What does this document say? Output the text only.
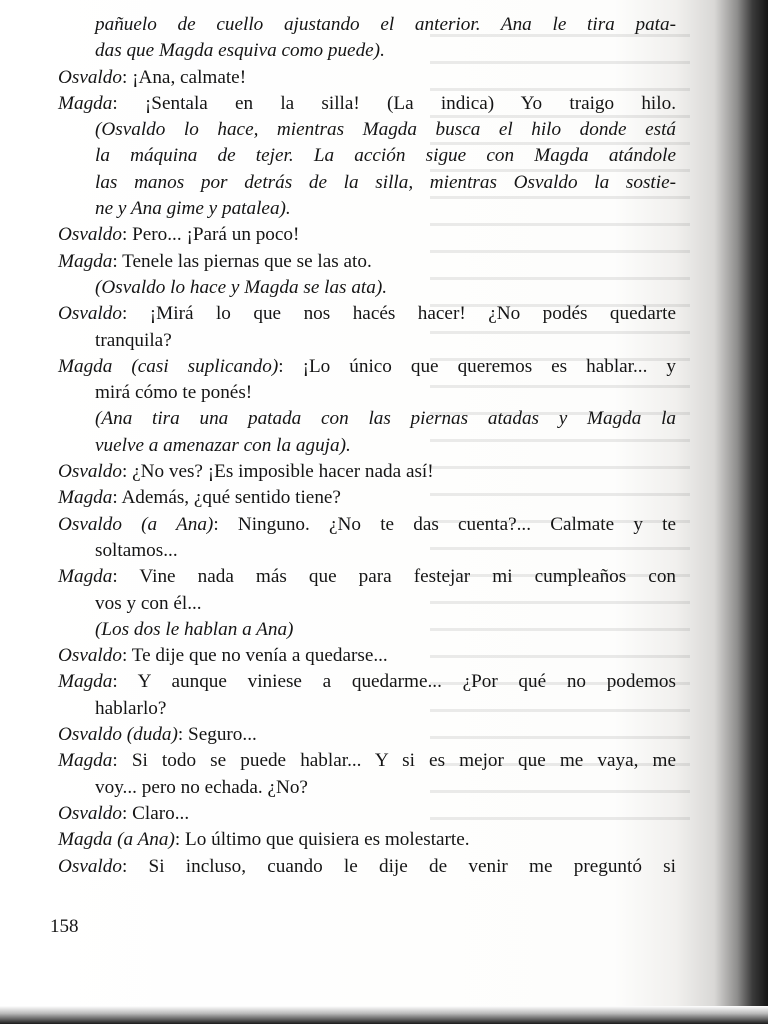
pañuelo de cuello ajustando el anterior. Ana le tira pata-
das que Magda esquiva como puede).
Osvaldo: ¡Ana, calmate!
Magda: ¡Sentala en la silla! (La indica) Yo traigo hilo.
(Osvaldo lo hace, mientras Magda busca el hilo donde está
la máquina de tejer. La acción sigue con Magda atándole
las manos por detrás de la silla, mientras Osvaldo la sostie-
ne y Ana gime y patalea).
Osvaldo: Pero... ¡Pará un poco!
Magda: Tenele las piernas que se las ato.
(Osvaldo lo hace y Magda se las ata).
Osvaldo: ¡Mirá lo que nos hacés hacer! ¿No podés quedarte
tranquila?
Magda (casi suplicando): ¡Lo único que queremos es hablar... y
mirá cómo te ponés!
(Ana tira una patada con las piernas atadas y Magda la
vuelve a amenazar con la aguja).
Osvaldo: ¿No ves? ¡Es imposible hacer nada así!
Magda: Además, ¿qué sentido tiene?
Osvaldo (a Ana): Ninguno. ¿No te das cuenta?... Calmate y te
soltamos...
Magda: Vine nada más que para festejar mi cumpleaños con
vos y con él...
(Los dos le hablan a Ana)
Osvaldo: Te dije que no venía a quedarse...
Magda: Y aunque viniese a quedarme... ¿Por qué no podemos
hablarlo?
Osvaldo (duda): Seguro...
Magda: Si todo se puede hablar... Y si es mejor que me vaya, me
voy... pero no echada. ¿No?
Osvaldo: Claro...
Magda (a Ana): Lo último que quisiera es molestarte.
Osvaldo: Si incluso, cuando le dije de venir me preguntó si
158
